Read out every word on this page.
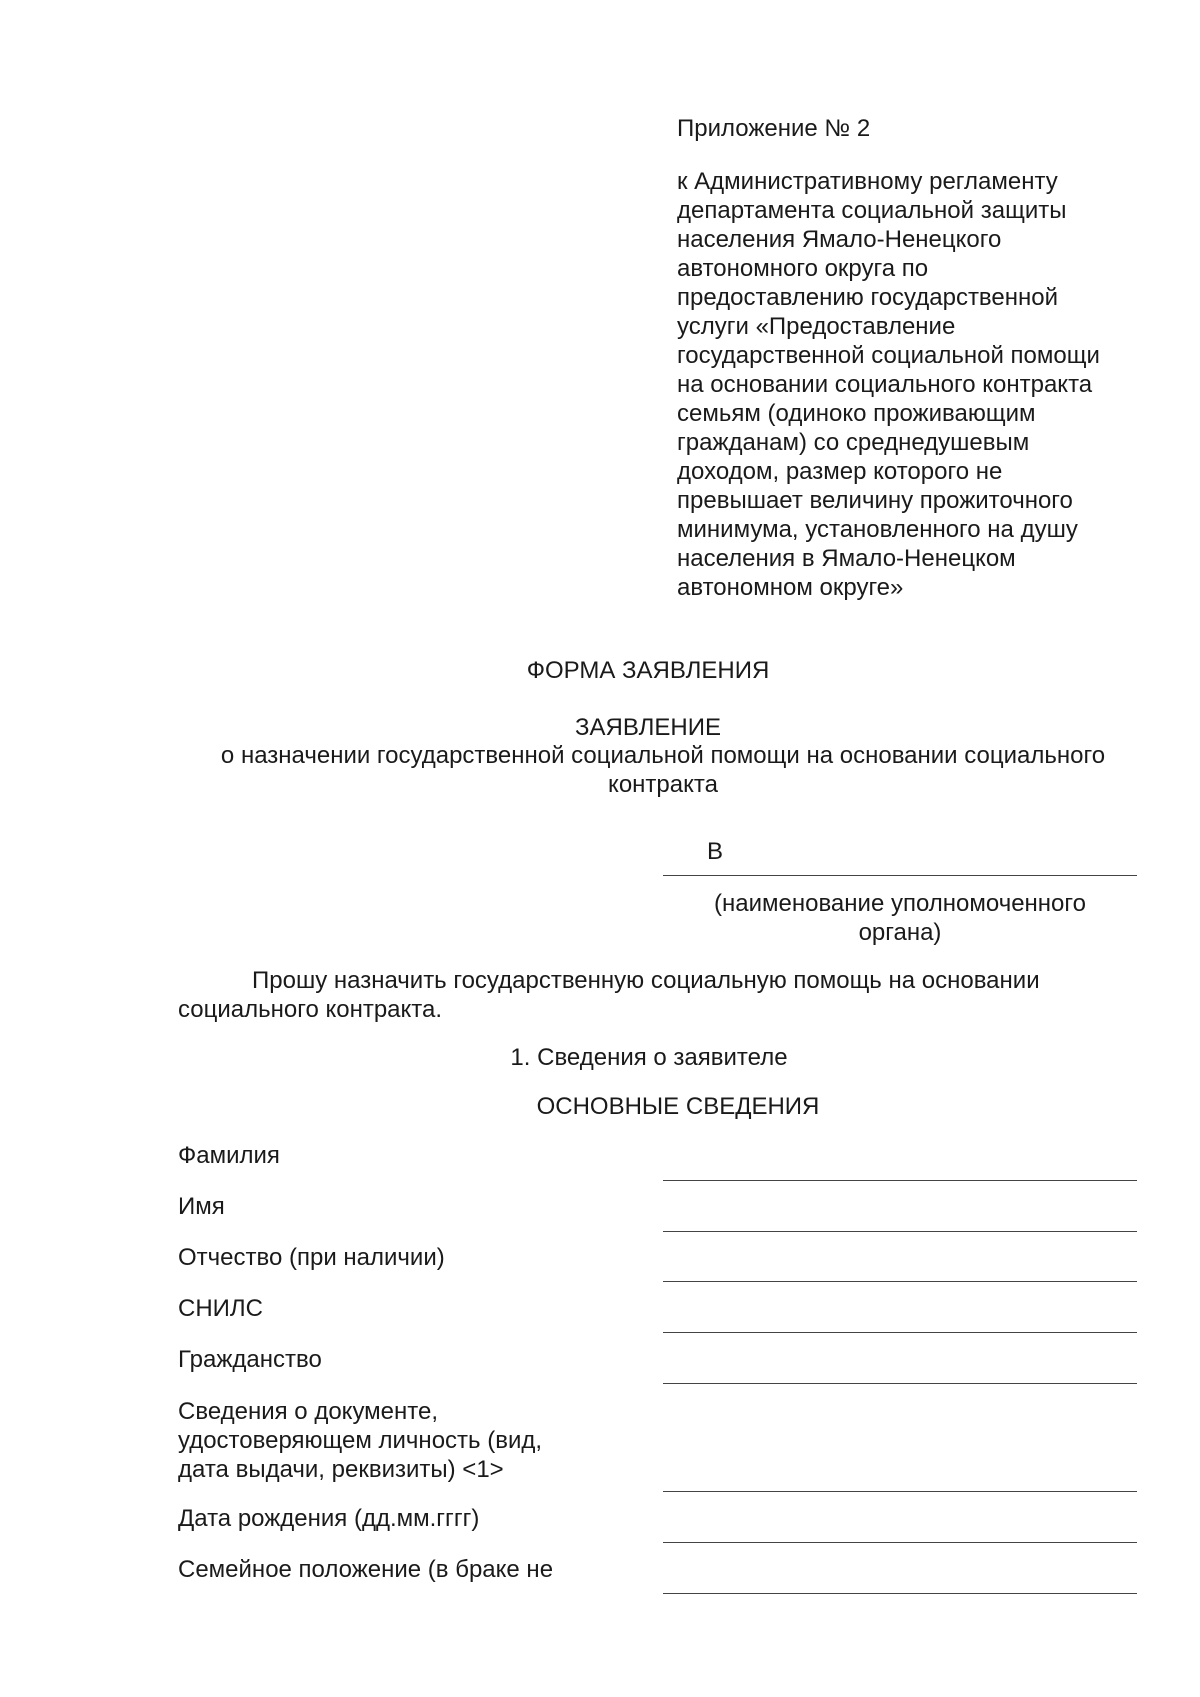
Приложение № 2
к Административному регламенту
департамента социальной защиты
населения Ямало-Ненецкого
автономного округа по
предоставлению государственной
услуги «Предоставление
государственной социальной помощи
на основании социального контракта
семьям (одиноко проживающим
гражданам) со среднедушевым
доходом, размер которого не
превышает величину прожиточного
минимума, установленного на душу
населения в Ямало-Ненецком
автономном округе»
ФОРМА ЗАЯВЛЕНИЯ
ЗАЯВЛЕНИЕ
о назначении государственной социальной помощи на основании социального
контракта
В
(наименование уполномоченного
органа)
Прошу назначить государственную социальную помощь на основании
социального контракта.
1. Сведения о заявителе
ОСНОВНЫЕ СВЕДЕНИЯ
Фамилия
Имя
Отчество (при наличии)
СНИЛС
Гражданство
Сведения о документе,
удостоверяющем личность (вид,
дата выдачи, реквизиты) <1>
Дата рождения (дд.мм.гггг)
Семейное положение (в браке не
